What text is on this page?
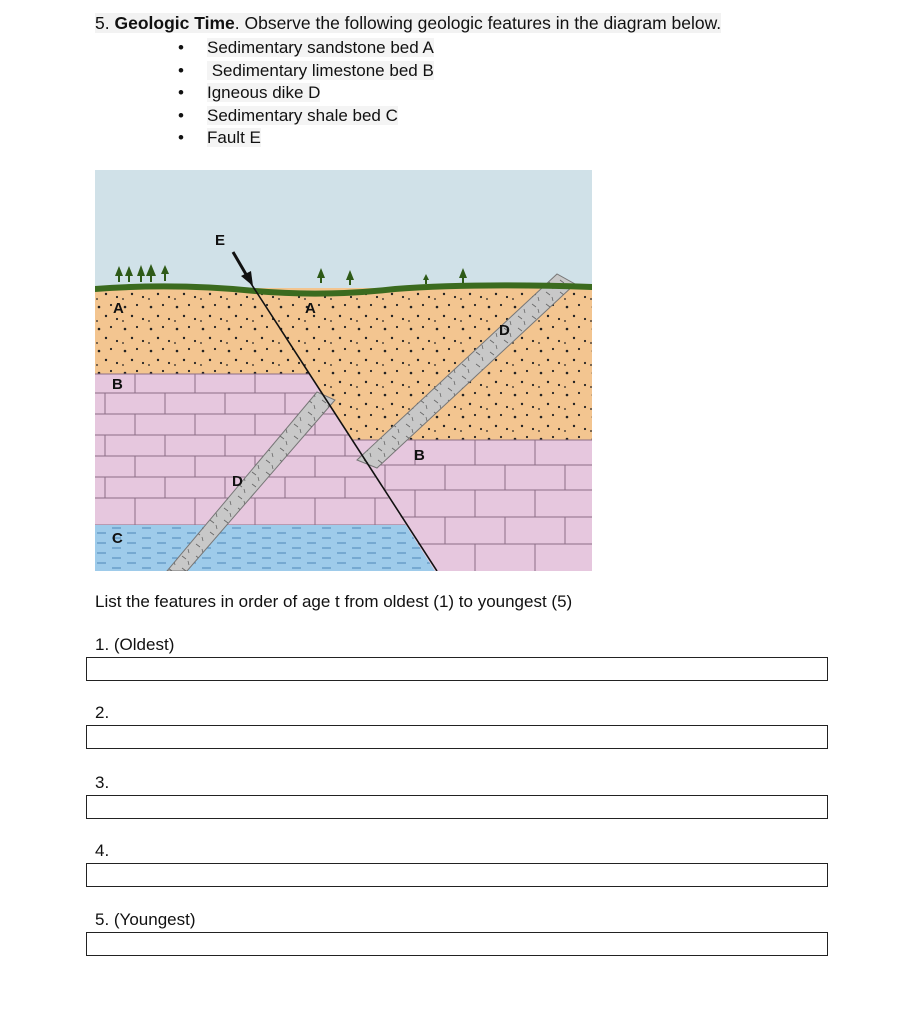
5. Geologic Time. Observe the following geologic features in the diagram below.
• Sedimentary sandstone bed A
• Sedimentary limestone bed B
• Igneous dike D
• Sedimentary shale bed C
• Fault E
E
A	A
B
B
C
D
D
List the features in order of age t from oldest (1) to youngest (5)
1. (Oldest)
2.
3.
4.
5. (Youngest)
